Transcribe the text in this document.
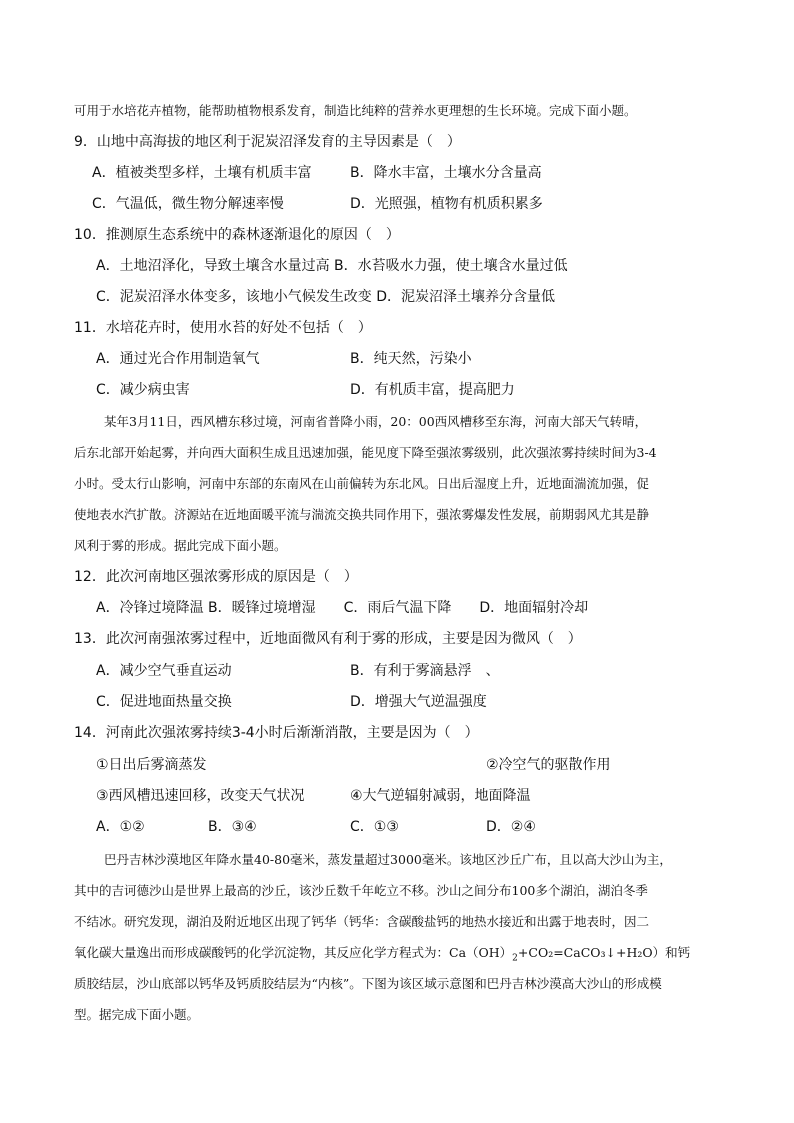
可用于水培花卉植物，能帮助植物根系发育，制造比纯粹的营养水更理想的生长环境。完成下面小题。
9．山地中高海拔的地区利于泥炭沼泽发育的主导因素是（　）
A．植被类型多样，土壤有机质丰富	B．降水丰富，土壤水分含量高
C．气温低，微生物分解速率慢	D．光照强，植物有机质积累多
10．推测原生态系统中的森林逐渐退化的原因（　）
A．土地沼泽化，导致土壤含水量过高 B．水苔吸水力强，使土壤含水量过低
C．泥炭沼泽水体变多，该地小气候发生改变 D．泥炭沼泽土壤养分含量低
11．水培花卉时，使用水苔的好处不包括（　）
A．通过光合作用制造氧气	B．纯天然，污染小
C．减少病虫害	D．有机质丰富，提高肥力
某年3月11日，西风槽东移过境，河南省普降小雨，20：00西风槽移至东海，河南大部天气转晴，
后东北部开始起雾，并向西大面积生成且迅速加强，能见度下降至强浓雾级别，此次强浓雾持续时间为3-4
小时。受太行山影响，河南中东部的东南风在山前偏转为东北风。日出后湿度上升，近地面湍流加强，促
使地表水汽扩散。济源站在近地面暖平流与湍流交换共同作用下，强浓雾爆发性发展，前期弱风尤其是静
风利于雾的形成。据此完成下面小题。
12．此次河南地区强浓雾形成的原因是（　）
A．冷锋过境降温 B．暖锋过境增湿　　C．雨后气温下降　　D．地面辐射冷却
13．此次河南强浓雾过程中，近地面微风有利于雾的形成，主要是因为微风（　）
A．减少空气垂直运动	B．有利于雾滴悬浮　、
C．促进地面热量交换	D．增强大气逆温强度
14．河南此次强浓雾持续3-4小时后渐渐消散，主要是因为（　）
①日出后雾滴蒸发	②冷空气的驱散作用
③西风槽迅速回移，改变天气状况	④大气逆辐射减弱，地面降温
A．①②	B．③④	C．①③	D．②④
巴丹吉林沙漠地区年降水量40-80毫米，蒸发量超过3000毫米。该地区沙丘广布，且以高大沙山为主，
其中的吉诃德沙山是世界上最高的沙丘，该沙丘数千年屹立不移。沙山之间分布100多个湖泊，湖泊冬季
不结冰。研究发现，湖泊及附近地区出现了钙华（钙华：含碳酸盐钙的地热水接近和出露于地表时，因二
氧化碳大量逸出而形成碳酸钙的化学沉淀物，其反应化学方程式为：$Ca(OH)_2+CO_2=CaCO_3↓+H_2O$）和钙
质胶结层，沙山底部以钙华及钙质胶结层为“内核”。下图为该区域示意图和巴丹吉林沙漠高大沙山的形成模
型。据完成下面小题。
